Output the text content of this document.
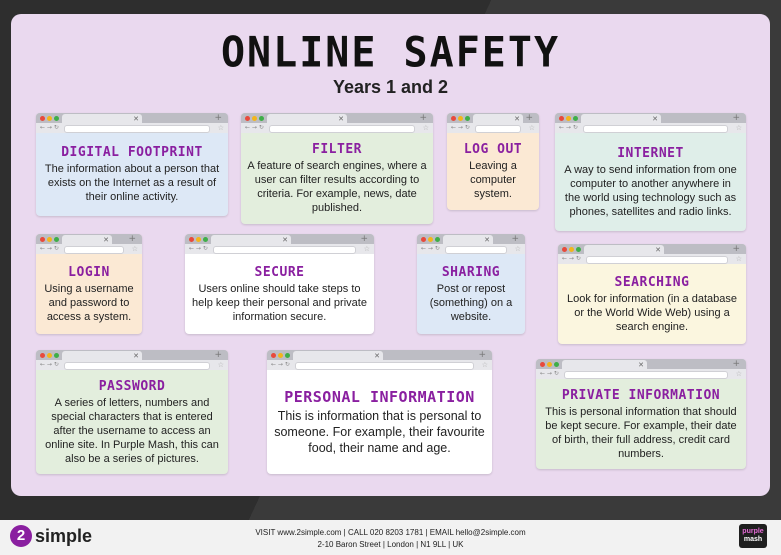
ONLINE SAFETY
Years 1 and 2
✕	+
← → ↻	☆
DIGITAL FOOTPRINT
The information about a person that exists on the Internet as a result of their online activity.
✕	+
← → ↻	☆
FILTER
A feature of search engines, where a user can filter results according to criteria. For example, news, date published.
✕ +
← → ↻	☆
LOG OUT
Leaving a computer system.
✕	+
← → ↻	☆
INTERNET
A way to send information from one computer to another anywhere in the world using technology such as phones, satellites and radio links.
✕ +
← → ↻	☆
LOGIN
Using a username and password to access a system.
✕	+
← → ↻	☆
SECURE
Users online should take steps to help keep their personal and private information secure.
✕ +
← → ↻	☆
SHARING
Post or repost (something) on a website.
✕	+
← → ↻	☆
SEARCHING
Look for information (in a database or the World Wide Web) using a search engine.
✕	+
← → ↻	☆
PASSWORD
A series of letters, numbers and special characters that is entered after the username to access an online site. In Purple Mash, this can also be a series of pictures.
✕	+
← → ↻	☆
PERSONAL INFORMATION
This is information that is personal to someone. For example, their favourite food, their name and age.
✕	+
← → ↻	☆
PRIVATE INFORMATION
This is personal information that should be kept secure. For example, their date of birth, their full address, credit card numbers.
2 simple	VISIT www.2simple.com | CALL 020 8203 1781 | EMAIL hello@2simple.com
2-10 Baron Street | London | N1 9LL | UK
purple
mash
